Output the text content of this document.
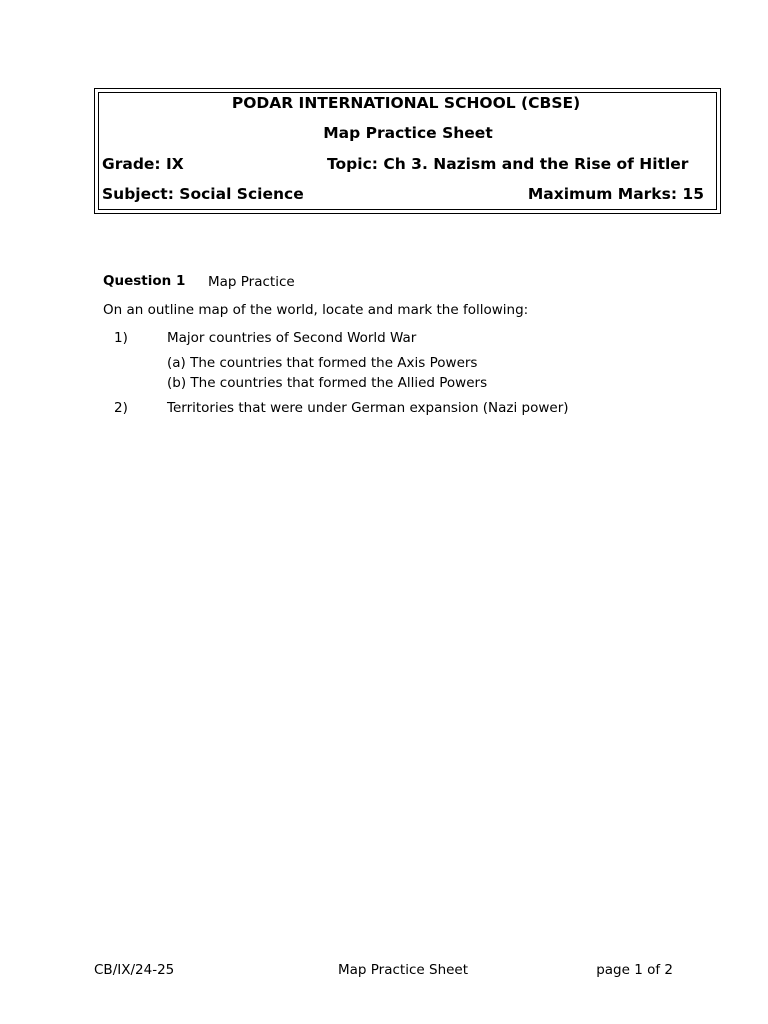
PODAR INTERNATIONAL SCHOOL (CBSE)
Map Practice Sheet
Grade: IX	Topic: Ch 3. Nazism and the Rise of Hitler
Subject: Social Science	Maximum Marks: 15
Question 1 Map Practice
On an outline map of the world, locate and mark the following:
1)	Major countries of Second World War
(a) The countries that formed the Axis Powers
(b) The countries that formed the Allied Powers
2)	Territories that were under German expansion (Nazi power)
CB/IX/24-25	Map Practice Sheet	page 1 of 2
